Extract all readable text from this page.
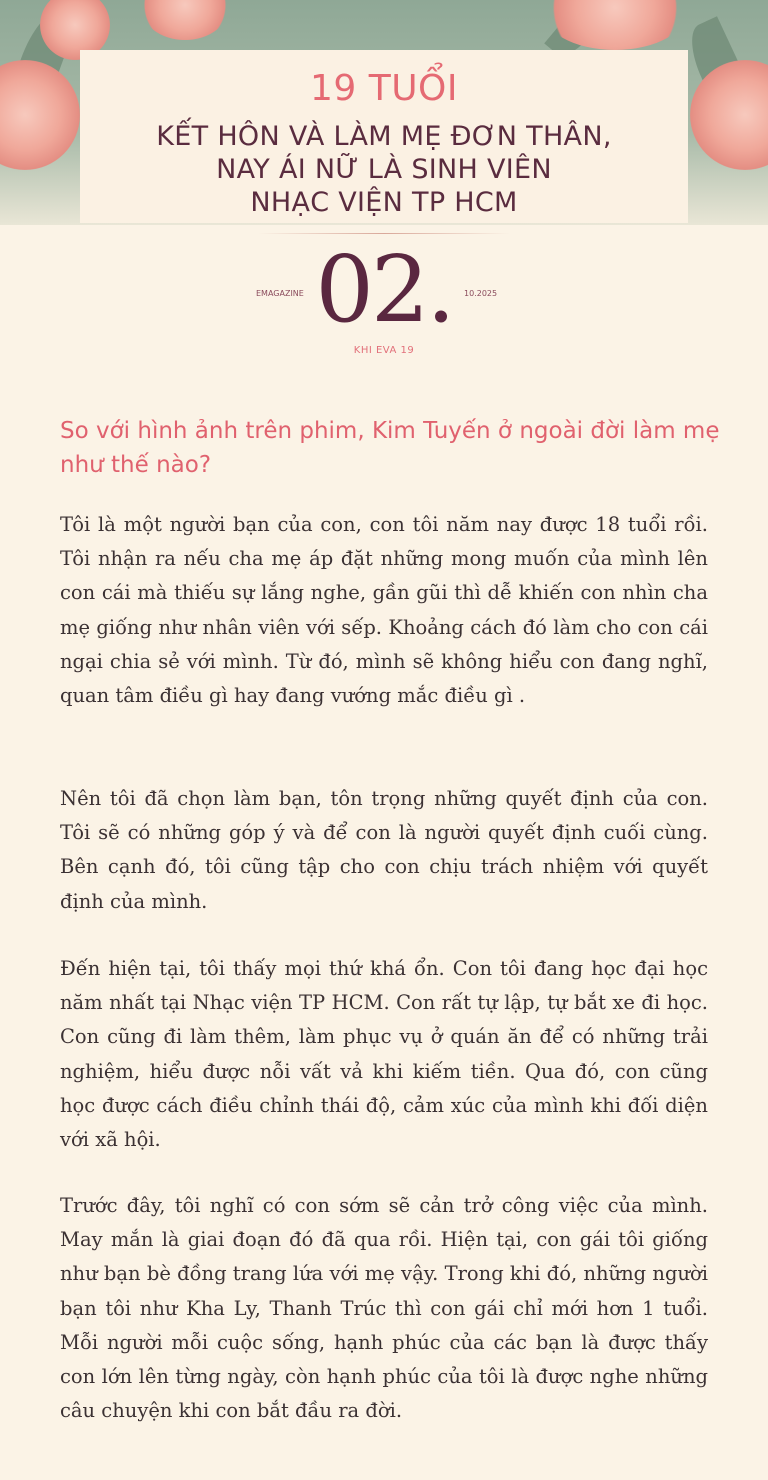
19 TUỔI
KẾT HÔN VÀ LÀM MẸ ĐƠN THÂN,
NAY ÁI NỮ LÀ SINH VIÊN
NHẠC VIỆN TP HCM
EMAGAZINE 02.	10.2025
KHI EVA 19
So với hình ảnh trên phim, Kim Tuyến ở ngoài đời làm mẹ như thế nào?
Tôi là một người bạn của con, con tôi năm nay được 18 tuổi rồi. Tôi nhận ra nếu cha mẹ áp đặt những mong muốn của mình lên con cái mà thiếu sự lắng nghe, gần gũi thì dễ khiến con nhìn cha mẹ giống như nhân viên với sếp. Khoảng cách đó làm cho con cái ngại chia sẻ với mình. Từ đó, mình sẽ không hiểu con đang nghĩ, quan tâm điều gì hay đang vướng mắc điều gì .
Nên tôi đã chọn làm bạn, tôn trọng những quyết định của con. Tôi sẽ có những góp ý và để con là người quyết định cuối cùng. Bên cạnh đó, tôi cũng tập cho con chịu trách nhiệm với quyết định của mình.
Đến hiện tại, tôi thấy mọi thứ khá ổn. Con tôi đang học đại học năm nhất tại Nhạc viện TP HCM. Con rất tự lập, tự bắt xe đi học. Con cũng đi làm thêm, làm phục vụ ở quán ăn để có những trải nghiệm, hiểu được nỗi vất vả khi kiếm tiền. Qua đó, con cũng học được cách điều chỉnh thái độ, cảm xúc của mình khi đối diện với xã hội.
Trước đây, tôi nghĩ có con sớm sẽ cản trở công việc của mình. May mắn là giai đoạn đó đã qua rồi. Hiện tại, con gái tôi giống như bạn bè đồng trang lứa với mẹ vậy. Trong khi đó, những người bạn tôi như Kha Ly, Thanh Trúc thì con gái chỉ mới hơn 1 tuổi. Mỗi người mỗi cuộc sống, hạnh phúc của các bạn là được thấy con lớn lên từng ngày, còn hạnh phúc của tôi là được nghe những câu chuyện khi con bắt đầu ra đời.
